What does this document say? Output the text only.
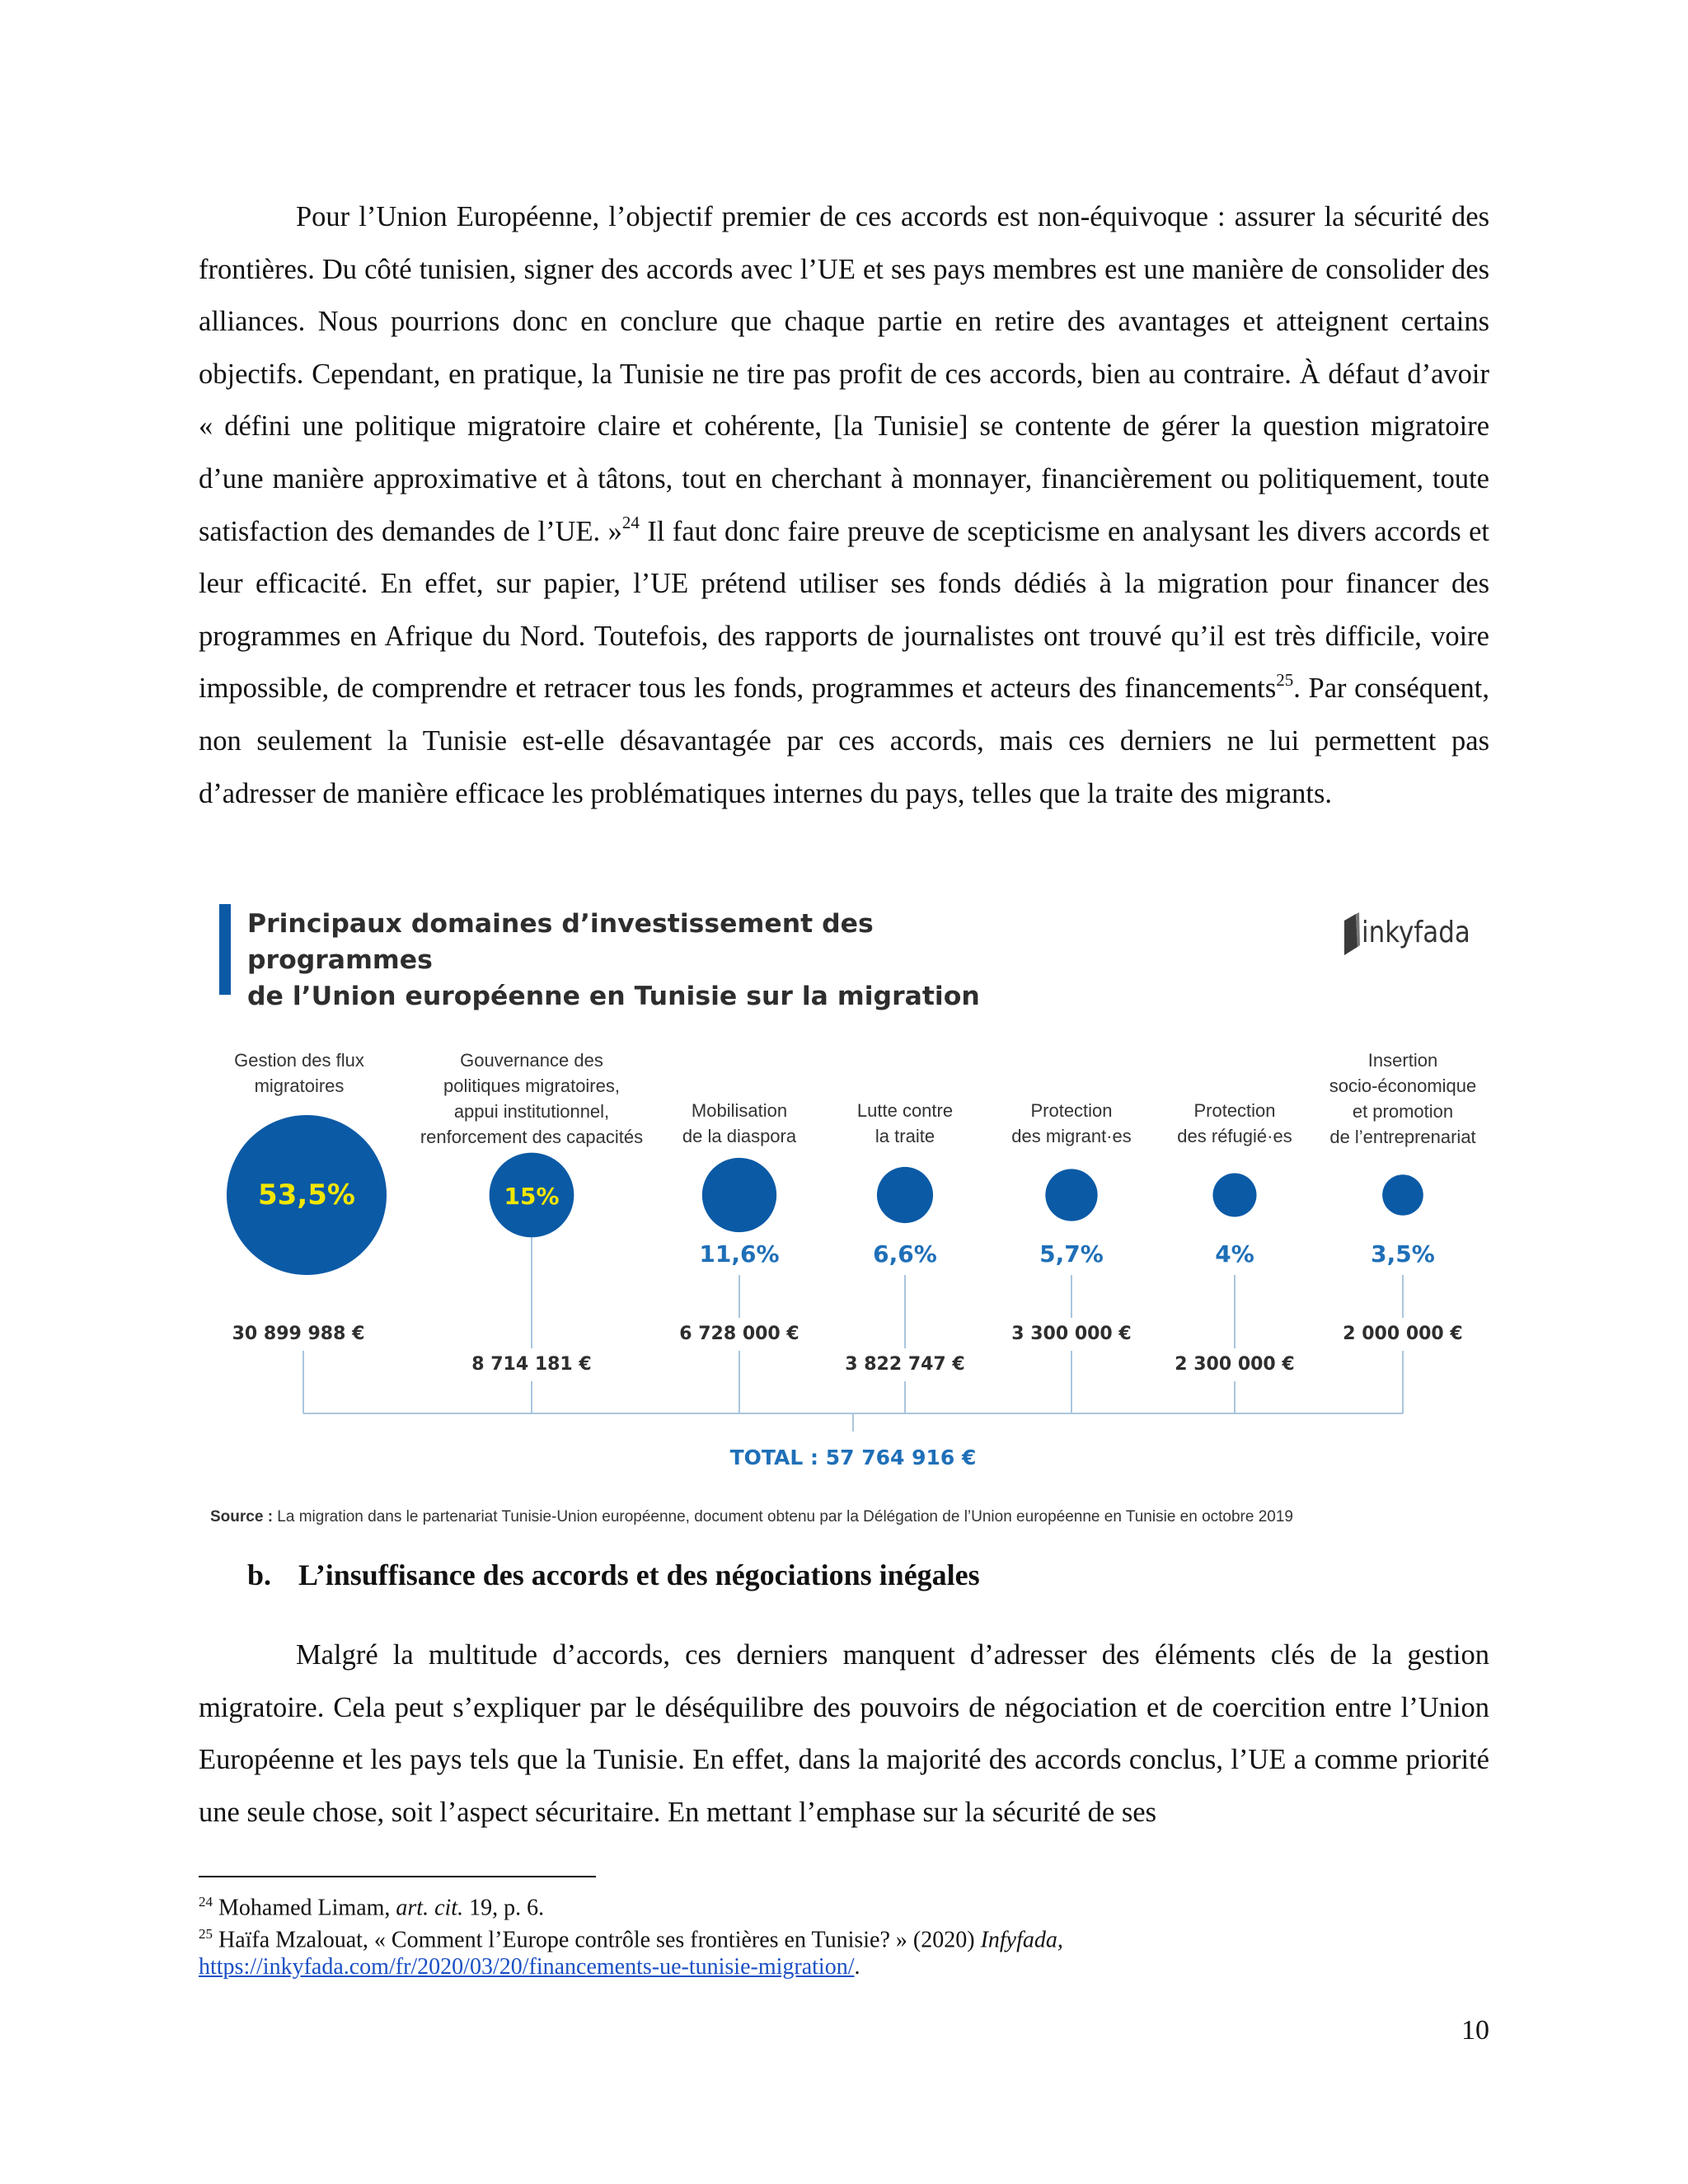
Pour l’Union Européenne, l’objectif premier de ces accords est non-équivoque : assurer la sécurité des frontières. Du côté tunisien, signer des accords avec l’UE et ses pays membres est une manière de consolider des alliances. Nous pourrions donc en conclure que chaque partie en retire des avantages et atteignent certains objectifs. Cependant, en pratique, la Tunisie ne tire pas profit de ces accords, bien au contraire. À défaut d’avoir « défini une politique migratoire claire et cohérente, [la Tunisie] se contente de gérer la question migratoire d’une manière approximative et à tâtons, tout en cherchant à monnayer, financièrement ou politiquement, toute satisfaction des demandes de l’UE. »$^{24}$ Il faut donc faire preuve de scepticisme en analysant les divers accords et leur efficacité. En effet, sur papier, l’UE prétend utiliser ses fonds dédiés à la migration pour financer des programmes en Afrique du Nord. Toutefois, des rapports de journalistes ont trouvé qu’il est très difficile, voire impossible, de comprendre et retracer tous les fonds, programmes et acteurs des financements$^{25}$. Par conséquent, non seulement la Tunisie est-elle désavantagée par ces accords, mais ces derniers ne lui permettent pas d’adresser de manière efficace les problématiques internes du pays, telles que la traite des migrants.

Principaux domaines d’investissement des programmes
de l’Union européenne en Tunisie sur la migration

inkyfada
TOTAL : 57 764 916 €
Gestion des flux migratoires
53,5%
30 899 988 €
Gouvernance des politiques migratoires, appui institutionnel, renforcement des capacités
15%
8 714 181 €
Mobilisation de la diaspora
11,6%
6 728 000 €
Lutte contre la traite
6,6%
3 822 747 €
Protection des migrant·es
5,7%
3 300 000 €
Protection des réfugié·es
4%
2 300 000 €
Insertion socio-économique et promotion de l’entreprenariat
3,5%
2 000 000 €
Source : La migration dans le partenariat Tunisie-Union européenne, document obtenu par la Délégation de l’Union européenne en Tunisie en octobre 2019
b. L’insuffisance des accords et des négociations inégales
Malgré la multitude d’accords, ces derniers manquent d’adresser des éléments clés de la gestion migratoire. Cela peut s’expliquer par le déséquilibre des pouvoirs de négociation et de coercition entre l’Union Européenne et les pays tels que la Tunisie. En effet, dans la majorité des accords conclus, l’UE a comme priorité une seule chose, soit l’aspect sécuritaire. En mettant l’emphase sur la sécurité de ses

$^{24}$ Mohamed Limam, art. cit. 19, p. 6.

$^{25}$ Haïfa Mzalouat, « Comment l’Europe contrôle ses frontières en Tunisie? » (2020) Infyfada,
https://inkyfada.com/fr/2020/03/20/financements-ue-tunisie-migration/.

10
